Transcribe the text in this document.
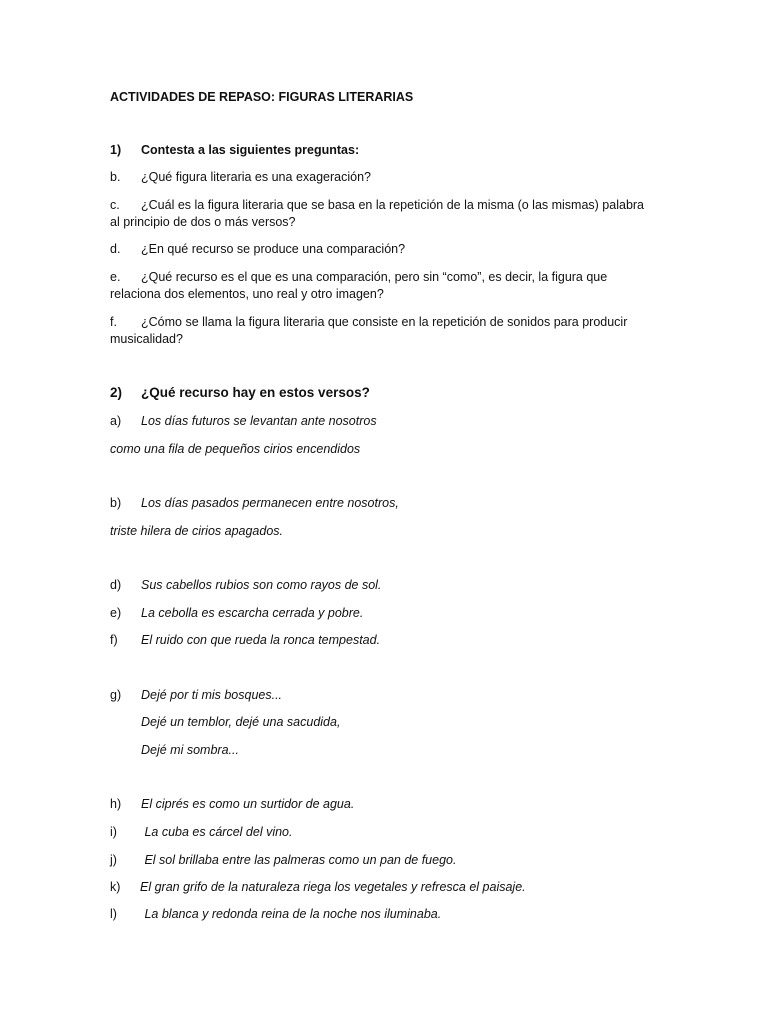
ACTIVIDADES DE REPASO: FIGURAS LITERARIAS
1) Contesta a las siguientes preguntas:
b. ¿Qué figura literaria es una exageración?
c. ¿Cuál es la figura literaria que se basa en la repetición de la misma (o las mismas) palabra
al principio de dos o más versos?
d. ¿En qué recurso se produce una comparación?
e. ¿Qué recurso es el que es una comparación, pero sin “como”, es decir, la figura que
relaciona dos elementos, uno real y otro imagen?
f. ¿Cómo se llama la figura literaria que consiste en la repetición de sonidos para producir
musicalidad?
2) ¿Qué recurso hay en estos versos?
a) Los días futuros se levantan ante nosotros
como una fila de pequeños cirios encendidos
b) Los días pasados permanecen entre nosotros,
triste hilera de cirios apagados.
d) Sus cabellos rubios son como rayos de sol.
e) La cebolla es escarcha cerrada y pobre.
f) El ruido con que rueda la ronca tempestad.
g) Dejé por ti mis bosques...
Dejé un temblor, dejé una sacudida,
Dejé mi sombra...
h) El ciprés es como un surtidor de agua.
i) La cuba es cárcel del vino.
j) El sol brillaba entre las palmeras como un pan de fuego.
k) El gran grifo de la naturaleza riega los vegetales y refresca el paisaje.
l) La blanca y redonda reina de la noche nos iluminaba.
